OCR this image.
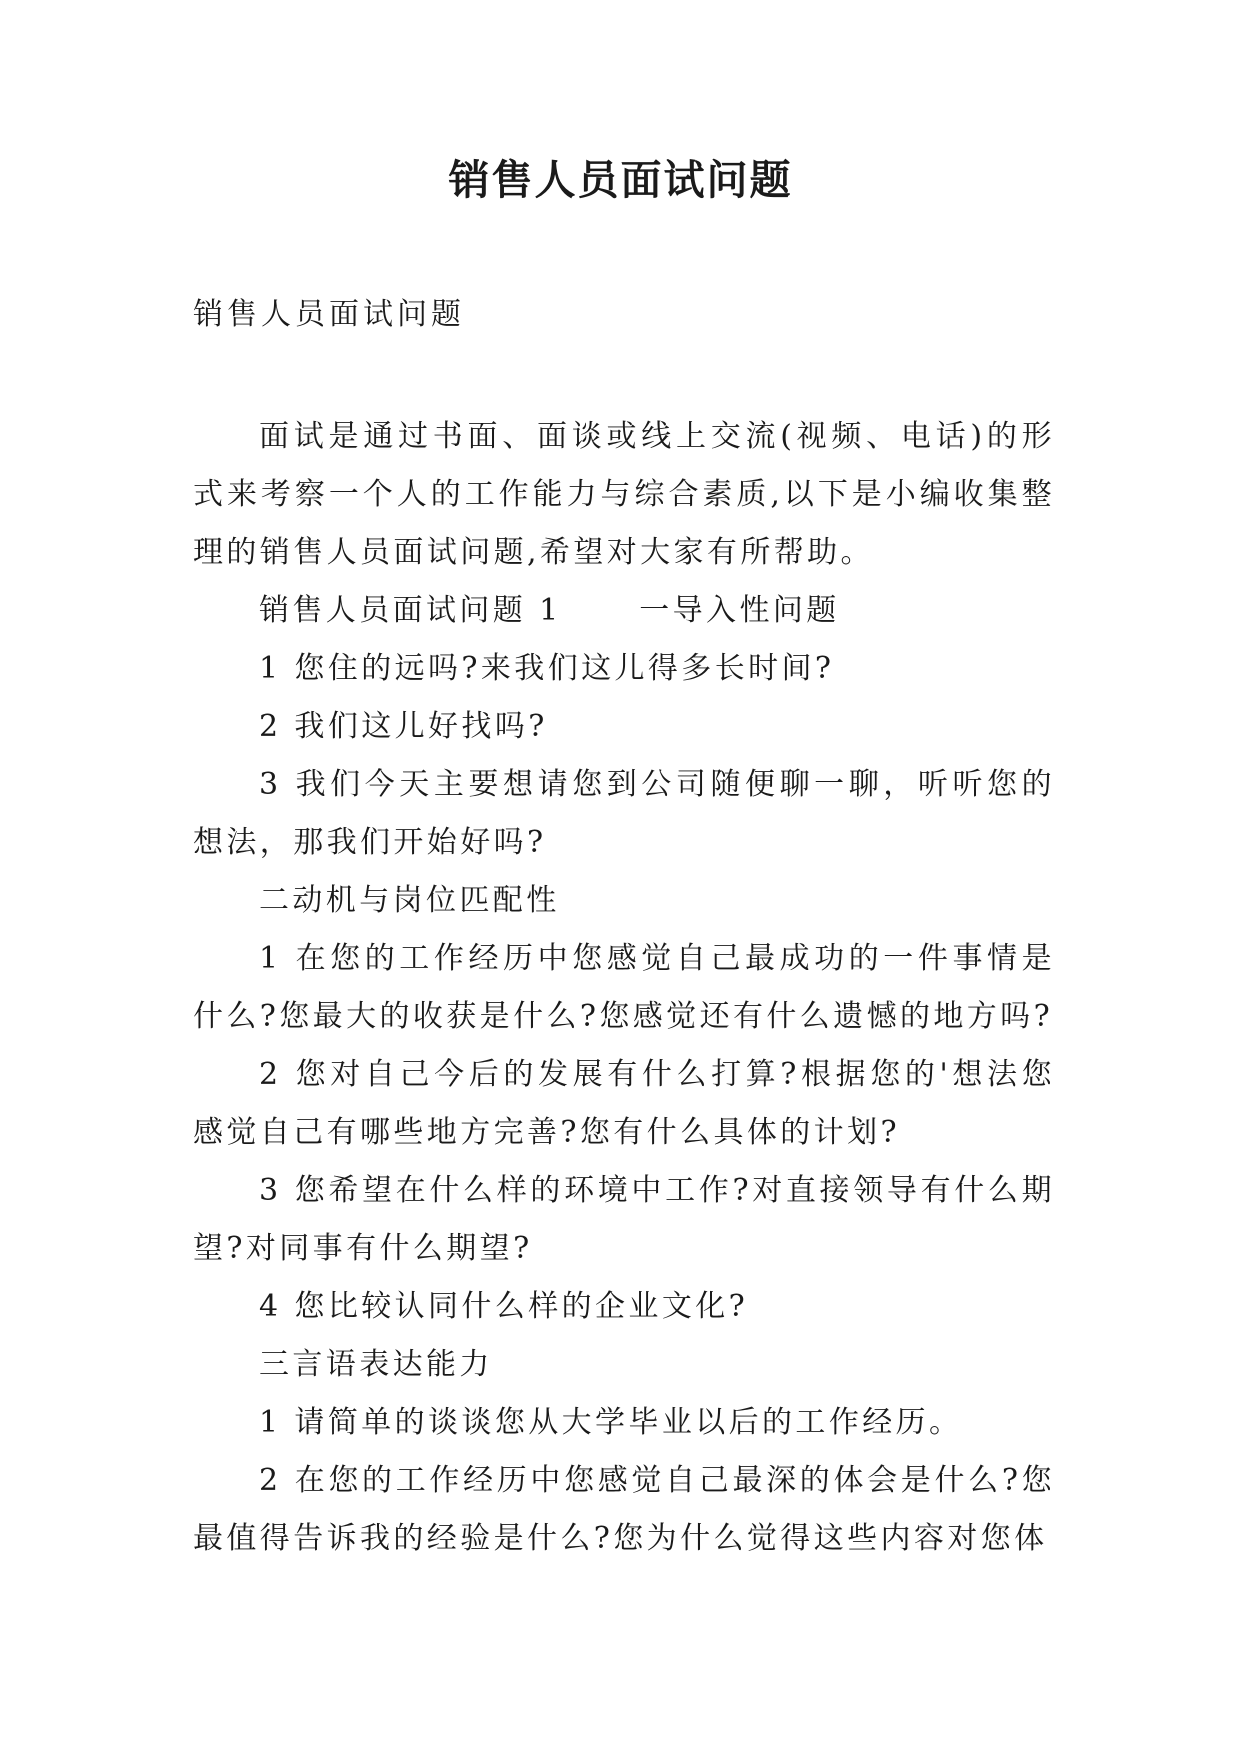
销售人员面试问题

销售人员面试问题

面试是通过书面、面谈或线上交流(视频、电话)的形式来考察一个人的工作能力与综合素质,以下是小编收集整理的销售人员面试问题,希望对大家有所帮助。

销售人员面试问题 1      一导入性问题

1 您住的远吗?来我们这儿得多长时间?

2 我们这儿好找吗?

3 我们今天主要想请您到公司随便聊一聊，听听您的想法，那我们开始好吗?

二动机与岗位匹配性

1 在您的工作经历中您感觉自己最成功的一件事情是什么?您最大的收获是什么?您感觉还有什么遗憾的地方吗?

2 您对自己今后的发展有什么打算?根据您的'想法您感觉自己有哪些地方完善?您有什么具体的计划?

3 您希望在什么样的环境中工作?对直接领导有什么期望?对同事有什么期望?

4 您比较认同什么样的企业文化?

三言语表达能力

1 请简单的谈谈您从大学毕业以后的工作经历。

2 在您的工作经历中您感觉自己最深的体会是什么?您最值得告诉我的经验是什么?您为什么觉得这些内容对您体
